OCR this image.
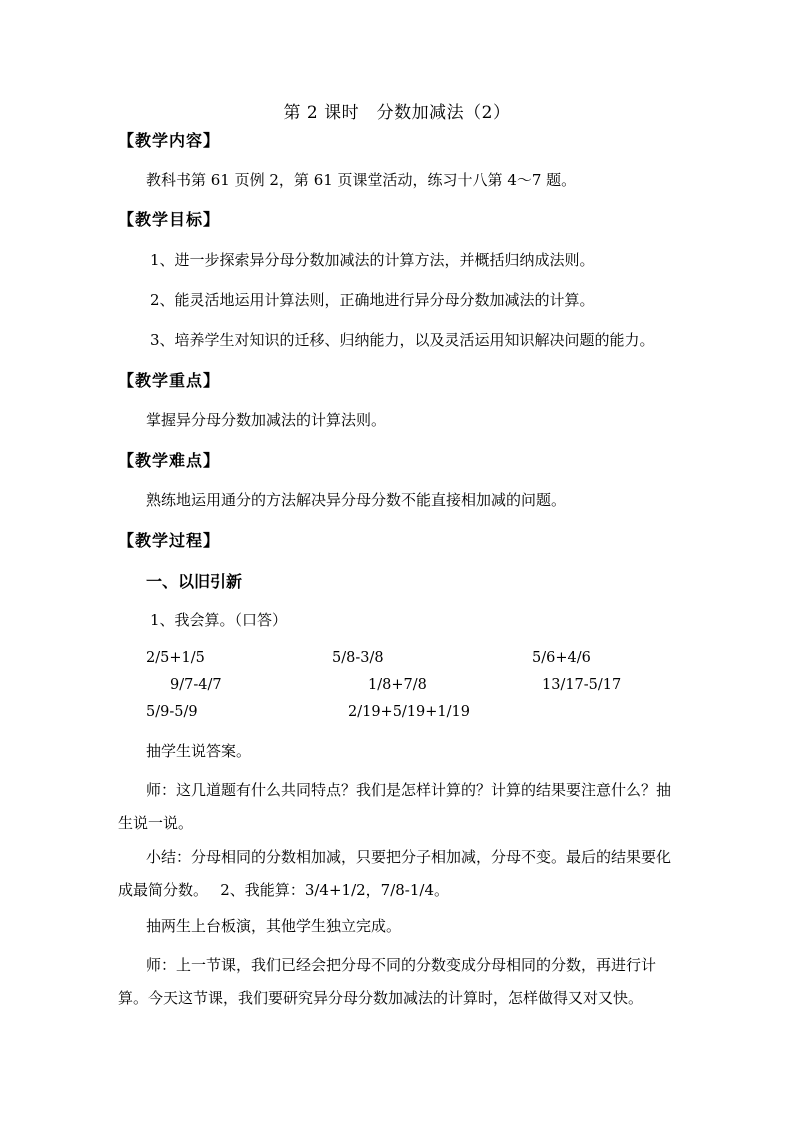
第 2 课时　分数加减法（2）
【教学内容】
教科书第 61 页例 2，第 61 页课堂活动，练习十八第 4～7 题。
【教学目标】
1、进一步探索异分母分数加减法的计算方法，并概括归纳成法则。
2、能灵活地运用计算法则，正确地进行异分母分数加减法的计算。
3、培养学生对知识的迁移、归纳能力，以及灵活运用知识解决问题的能力。
【教学重点】
掌握异分母分数加减法的计算法则。
【教学难点】
熟练地运用通分的方法解决异分母分数不能直接相加减的问题。
【教学过程】
一、以旧引新
1、我会算。（口答）
2/5+1/5	5/8-3/8	5/6+4/6
9/7-4/7	1/8+7/8	13/17-5/17
5/9-5/9	2/19+5/19+1/19
抽学生说答案。
师：这几道题有什么共同特点？我们是怎样计算的？计算的结果要注意什么？抽生说一说。
小结：分母相同的分数相加减，只要把分子相加减，分母不变。最后的结果要化成最简分数。　 2、我能算：3/4+1/2，7/8-1/4。
抽两生上台板演，其他学生独立完成。
师：上一节课，我们已经会把分母不同的分数变成分母相同的分数，再进行计算。今天这节课，我们要研究异分母分数加减法的计算时，怎样做得又对又快。
